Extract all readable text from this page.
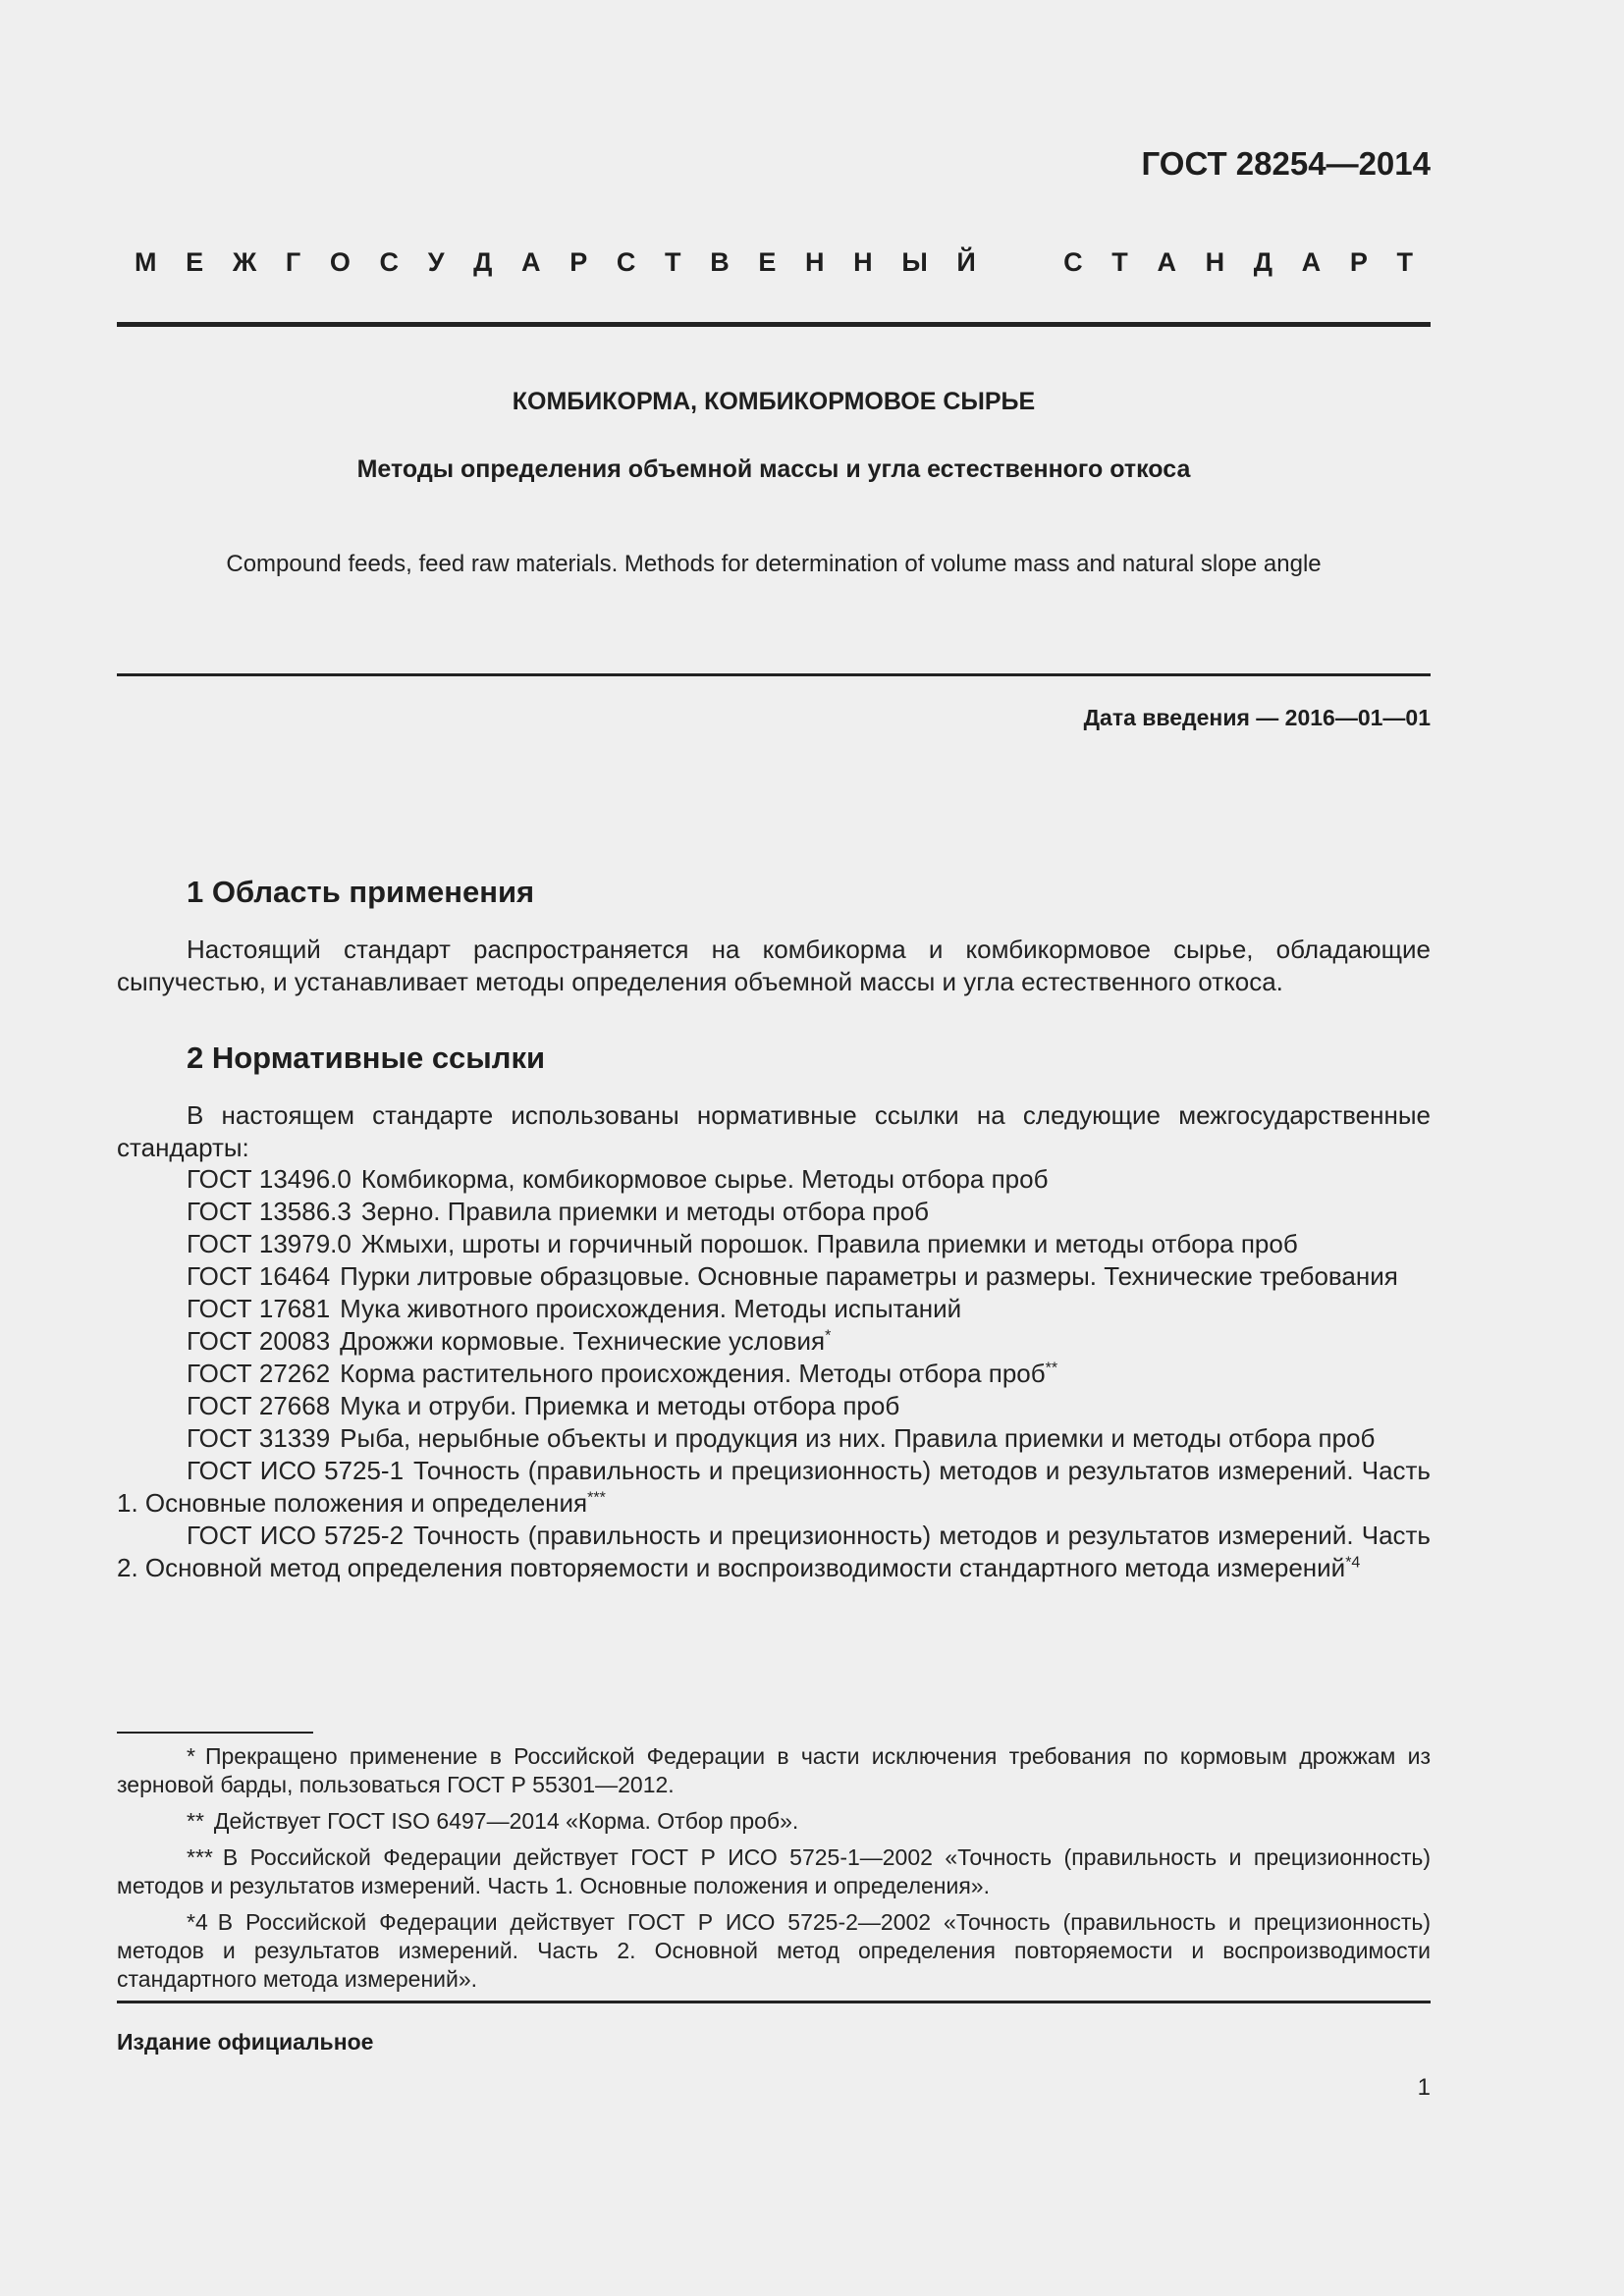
ГОСТ 28254—2014
М Е Ж Г О С У Д А Р С Т В Е Н Н Ы Й	С Т А Н Д А Р Т
КОМБИКОРМА, КОМБИКОРМОВОЕ СЫРЬЕ
Методы определения объемной массы и угла естественного откоса
Compound feeds, feed raw materials. Methods for determination of volume mass and natural slope angle
Дата введения — 2016—01—01
1 Область применения

Настоящий стандарт распространяется на комбикорма и комбикормовое сырье, обладающие сыпучестью, и устанавливает методы определения объемной массы и угла естественного откоса.

2 Нормативные ссылки

В настоящем стандарте использованы нормативные ссылки на следующие межгосударственные стандарты:

ГОСТ 13496.0 Комбикорма, комбикормовое сырье. Методы отбора проб

ГОСТ 13586.3 Зерно. Правила приемки и методы отбора проб

ГОСТ 13979.0 Жмыхи, шроты и горчичный порошок. Правила приемки и методы отбора проб

ГОСТ 16464 Пурки литровые образцовые. Основные параметры и размеры. Технические требования

ГОСТ 17681 Мука животного происхождения. Методы испытаний

ГОСТ 20083 Дрожжи кормовые. Технические условия*

ГОСТ 27262 Корма растительного происхождения. Методы отбора проб**

ГОСТ 27668 Мука и отруби. Приемка и методы отбора проб

ГОСТ 31339 Рыба, нерыбные объекты и продукция из них. Правила приемки и методы отбора проб

ГОСТ ИСО 5725-1 Точность (правильность и прецизионность) методов и результатов измерений. Часть 1. Основные положения и определения***

ГОСТ ИСО 5725-2 Точность (правильность и прецизионность) методов и результатов измерений. Часть 2. Основной метод определения повторяемости и воспроизводимости стандартного метода измерений$^{*4}$

* Прекращено применение в Российской Федерации в части исключения требования по кормовым дрожжам из зерновой барды, пользоваться ГОСТ Р 55301—2012.

** Действует ГОСТ ISO 6497—2014 «Корма. Отбор проб».

*** В Российской Федерации действует ГОСТ Р ИСО 5725-1—2002 «Точность (правильность и прецизионность) методов и результатов измерений. Часть 1. Основные положения и определения».

*4 В Российской Федерации действует ГОСТ Р ИСО 5725-2—2002 «Точность (правильность и прецизионность) методов и результатов измерений. Часть 2. Основной метод определения повторяемости и воспроизводимости стандартного метода измерений».

Издание официальное
1
